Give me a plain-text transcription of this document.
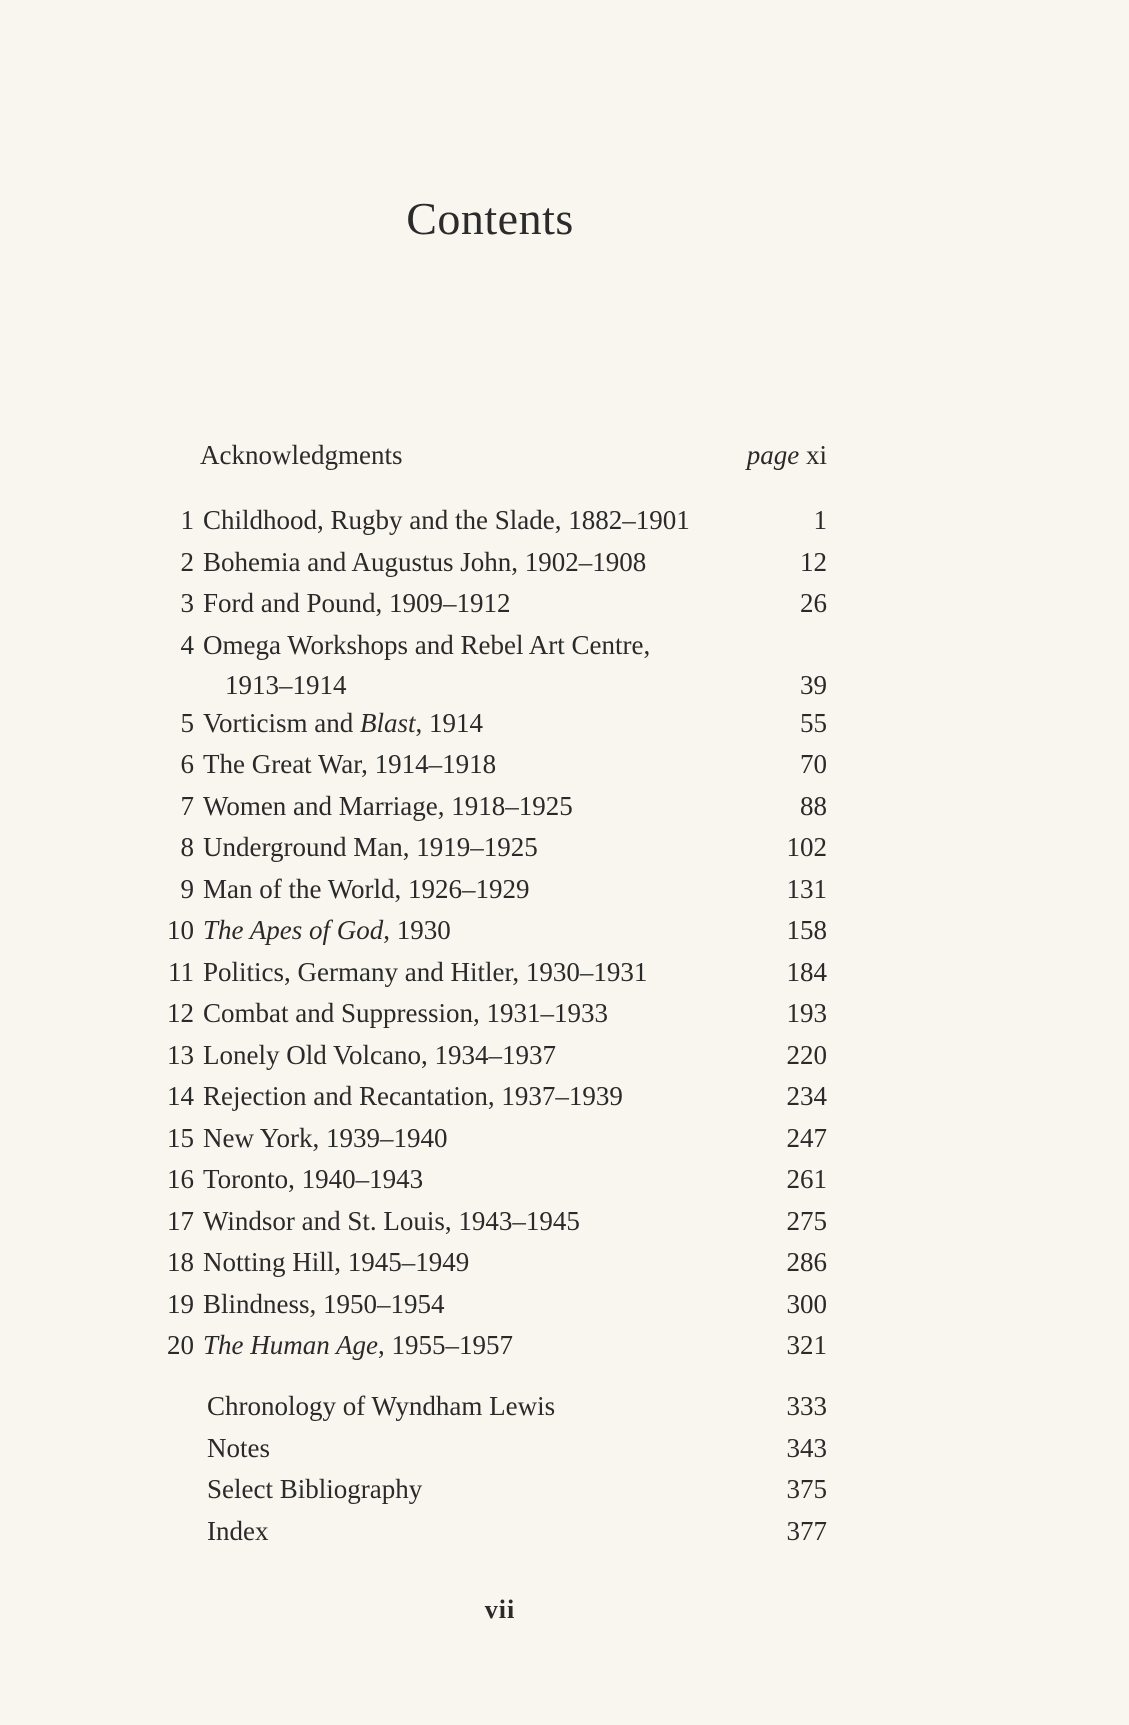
Contents
Acknowledgments	page xi
1 Childhood, Rugby and the Slade, 1882–1901	1
2 Bohemia and Augustus John, 1902–1908	12
3 Ford and Pound, 1909–1912	26
4 Omega Workshops and Rebel Art Centre,
1913–1914	39
5 Vorticism and Blast, 1914	55
6 The Great War, 1914–1918	70
7 Women and Marriage, 1918–1925	88
8 Underground Man, 1919–1925	102
9 Man of the World, 1926–1929	131
10 The Apes of God, 1930	158
11 Politics, Germany and Hitler, 1930–1931	184
12 Combat and Suppression, 1931–1933	193
13 Lonely Old Volcano, 1934–1937	220
14 Rejection and Recantation, 1937–1939	234
15 New York, 1939–1940	247
16 Toronto, 1940–1943	261
17 Windsor and St. Louis, 1943–1945	275
18 Notting Hill, 1945–1949	286
19 Blindness, 1950–1954	300
20 The Human Age, 1955–1957	321
Chronology of Wyndham Lewis	333
Notes	343
Select Bibliography	375
Index	377
vii
